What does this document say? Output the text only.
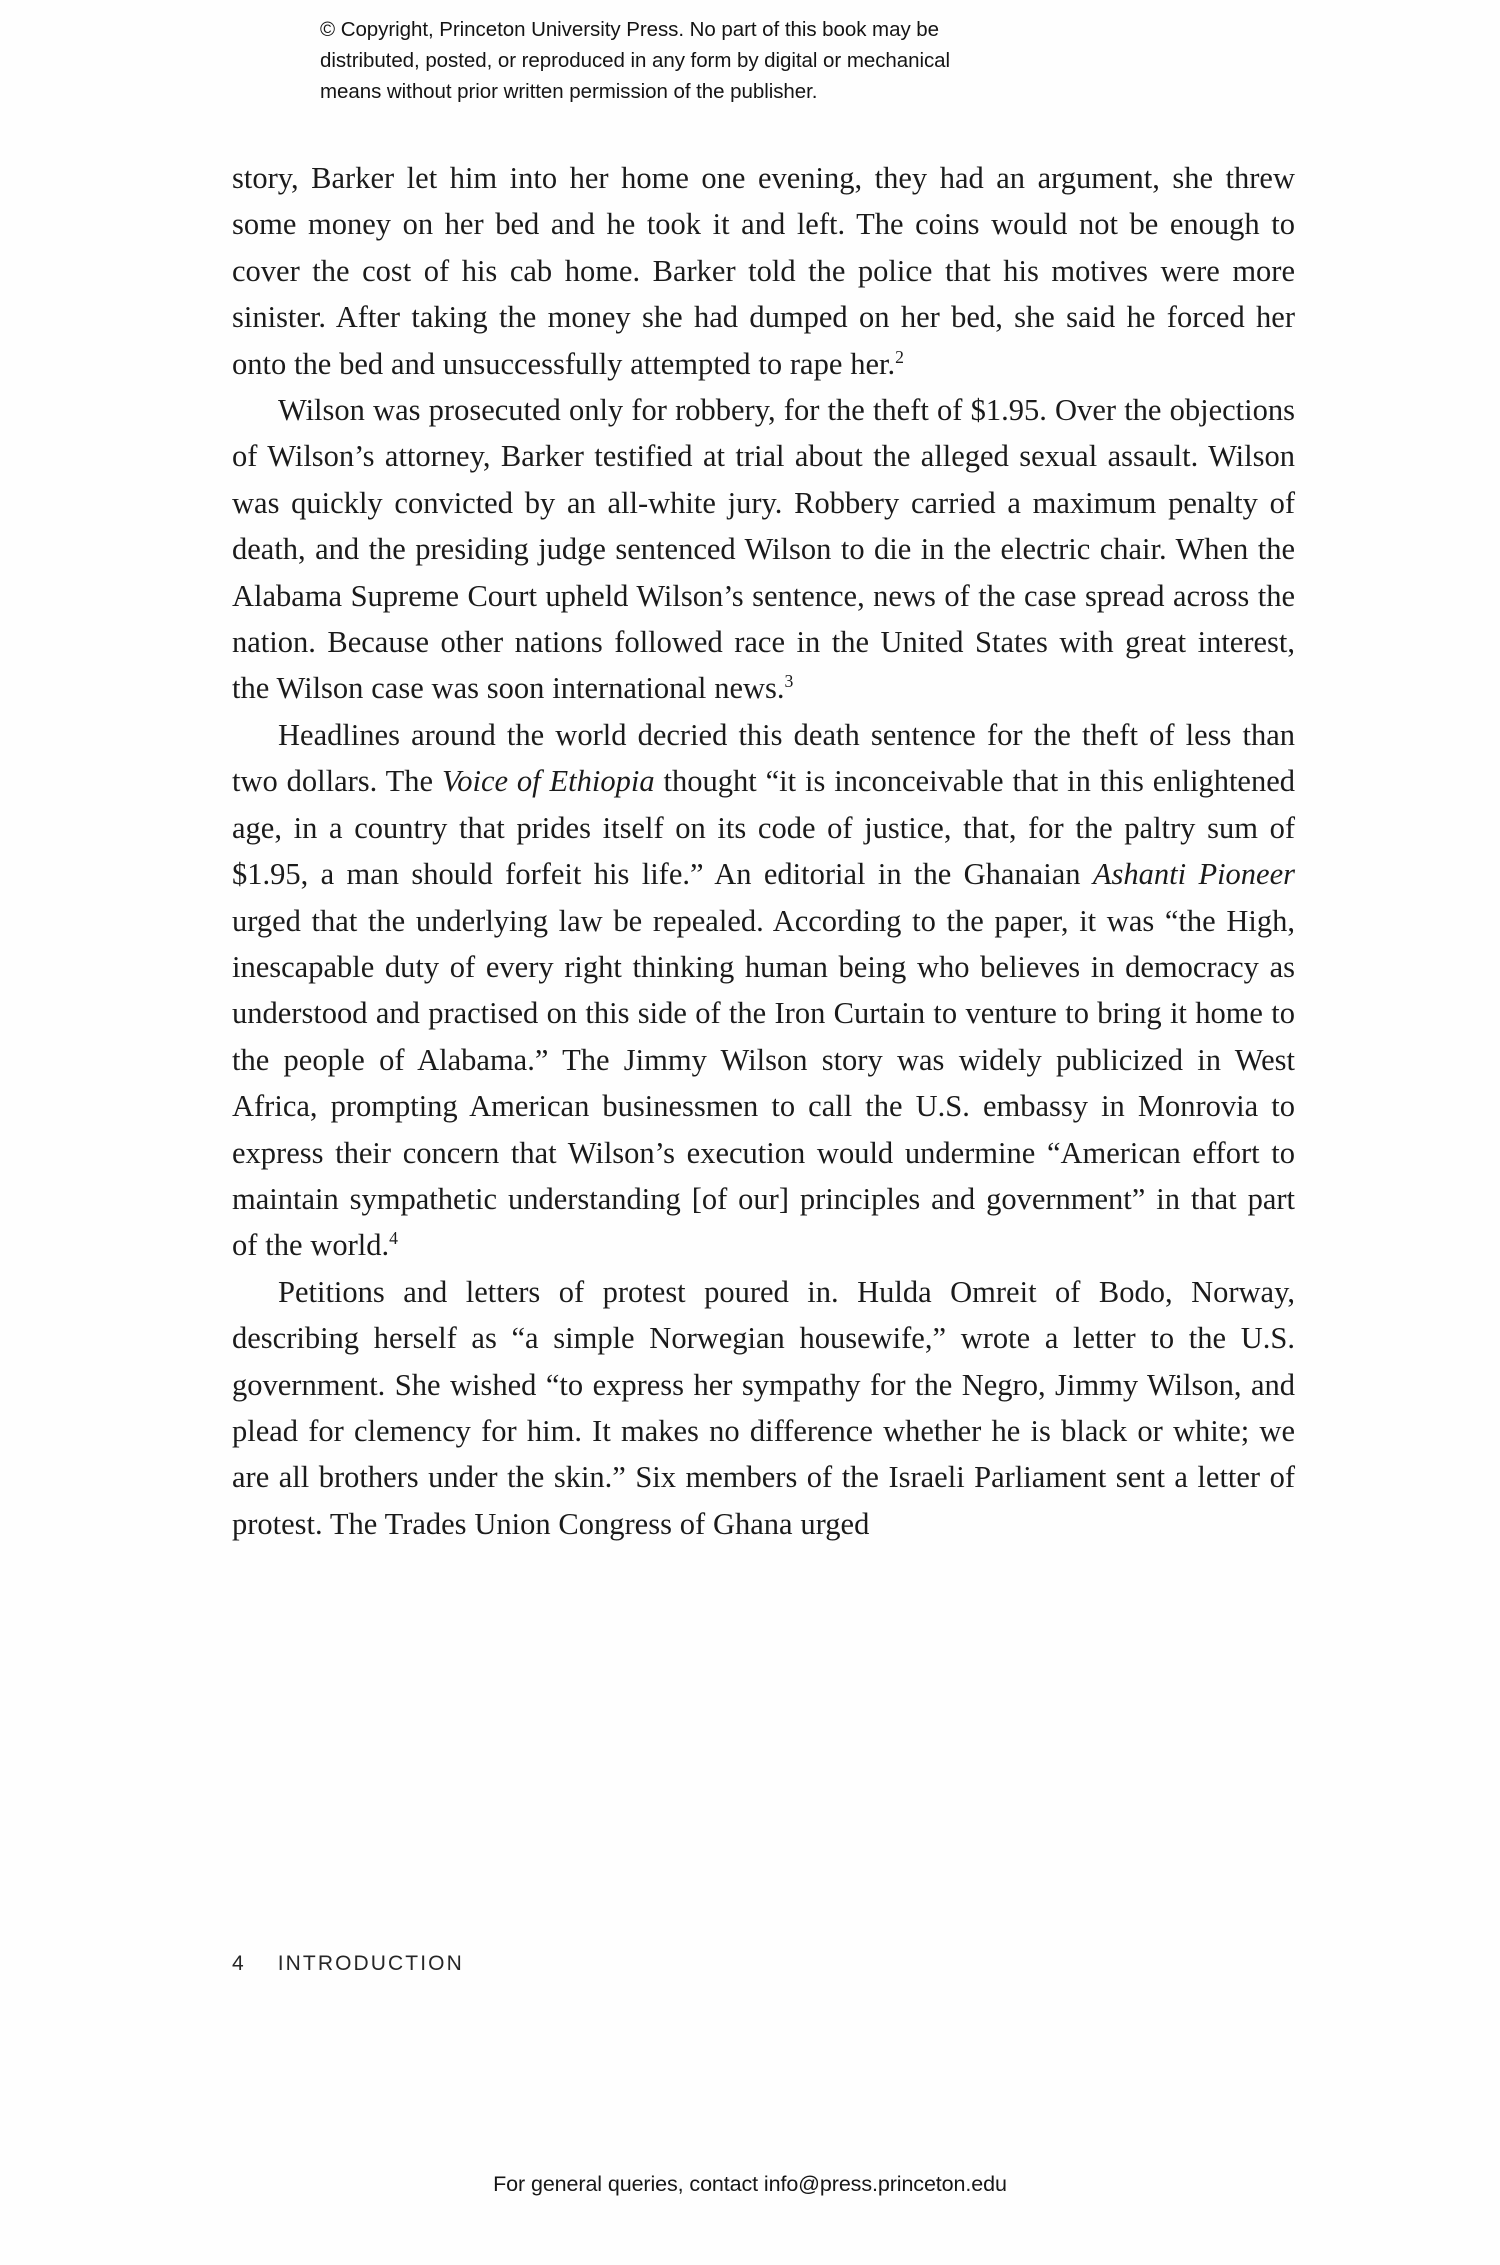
© Copyright, Princeton University Press. No part of this book may be
distributed, posted, or reproduced in any form by digital or mechanical
means without prior written permission of the publisher.

story, Barker let him into her home one evening, they had an argument, she threw some money on her bed and he took it and left. The coins would not be enough to cover the cost of his cab home. Barker told the police that his motives were more sinister. After taking the money she had dumped on her bed, she said he forced her onto the bed and unsuccessfully attempted to rape her.$^2$

Wilson was prosecuted only for robbery, for the theft of $1.95. Over the objections of Wilson’s attorney, Barker testified at trial about the alleged sexual assault. Wilson was quickly convicted by an all-white jury. Robbery carried a maximum penalty of death, and the presiding judge sentenced Wilson to die in the electric chair. When the Alabama Supreme Court upheld Wilson’s sentence, news of the case spread across the nation. Because other nations followed race in the United States with great interest, the Wilson case was soon international news.$^3$

Headlines around the world decried this death sentence for the theft of less than two dollars. The Voice of Ethiopia thought “it is inconceivable that in this enlightened age, in a country that prides itself on its code of justice, that, for the paltry sum of $1.95, a man should forfeit his life.” An editorial in the Ghanaian Ashanti Pioneer urged that the underlying law be repealed. According to the paper, it was “the High, inescapable duty of every right thinking human being who believes in democracy as understood and practised on this side of the Iron Curtain to venture to bring it home to the people of Alabama.” The Jimmy Wilson story was widely publicized in West Africa, prompting American businessmen to call the U.S. embassy in Monrovia to express their concern that Wilson’s execution would undermine “American effort to maintain sympathetic understanding [of our] principles and government” in that part of the world.$^4$

Petitions and letters of protest poured in. Hulda Omreit of Bodo, Norway, describing herself as “a simple Norwegian housewife,” wrote a letter to the U.S. government. She wished “to express her sympathy for the Negro, Jimmy Wilson, and plead for clemency for him. It makes no difference whether he is black or white; we are all brothers under the skin.” Six members of the Israeli Parliament sent a letter of protest. The Trades Union Congress of Ghana urged

4 INTRODUCTION
For general queries, contact info@press.princeton.edu
